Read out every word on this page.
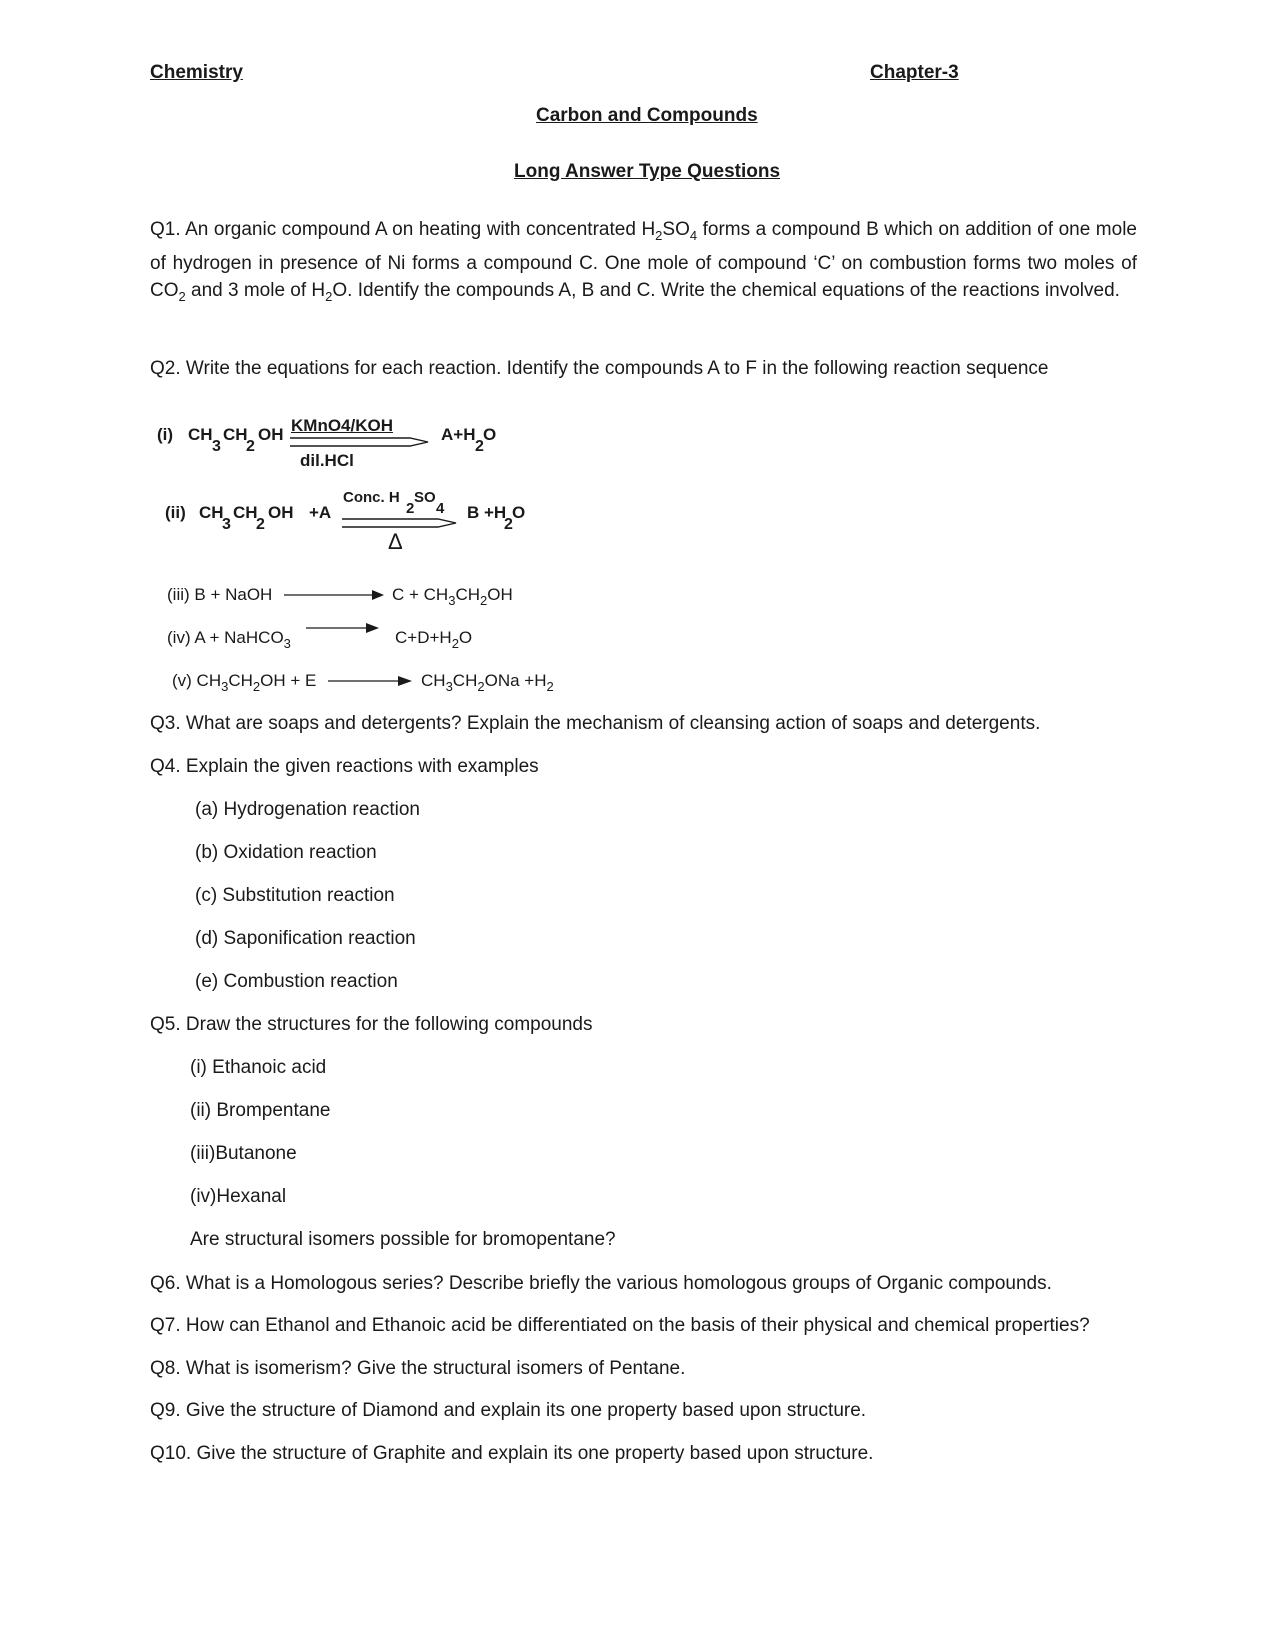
Chemistry	Chapter-3
Carbon and Compounds
Long Answer Type Questions
Q1. An organic compound A on heating with concentrated $H_2SO_4$ forms a compound B which on addition of one mole of hydrogen in presence of Ni forms a compound C. One mole of compound ‘C’ on combustion forms two moles of $CO_2$ and 3 mole of $H_2O$. Identify the compounds A, B and C. Write the chemical equations of the reactions involved.
Q2. Write the equations for each reaction. Identify the compounds A to F in the following reaction sequence
(i) CH
3
CH
2
OH KMnO4/KOH
dil.HCl
A+H O
2
(ii) CH
3
CH
2
OH +A
Conc. H
2
SO
4
Δ
B +H O
2
(iii) B + NaOH	$C + CH_3CH_2OH$
(iv) A + NaHCO$_3$	$C+D+H_2O$
(v) $CH_3CH_2OH + E$	$CH_3CH_2ONa +H_2$
Q3. What are soaps and detergents? Explain the mechanism of cleansing action of soaps and detergents.
Q4. Explain the given reactions with examples
(a) Hydrogenation reaction
(b) Oxidation reaction
(c) Substitution reaction
(d) Saponification reaction
(e) Combustion reaction
Q5. Draw the structures for the following compounds
(i) Ethanoic acid
(ii) Brompentane
(iii)Butanone
(iv)Hexanal
Are structural isomers possible for bromopentane?
Q6. What is a Homologous series? Describe briefly the various homologous groups of Organic compounds.
Q7. How can Ethanol and Ethanoic acid be differentiated on the basis of their physical and chemical properties?
Q8. What is isomerism? Give the structural isomers of Pentane.
Q9. Give the structure of Diamond and explain its one property based upon structure.
Q10. Give the structure of Graphite and explain its one property based upon structure.
